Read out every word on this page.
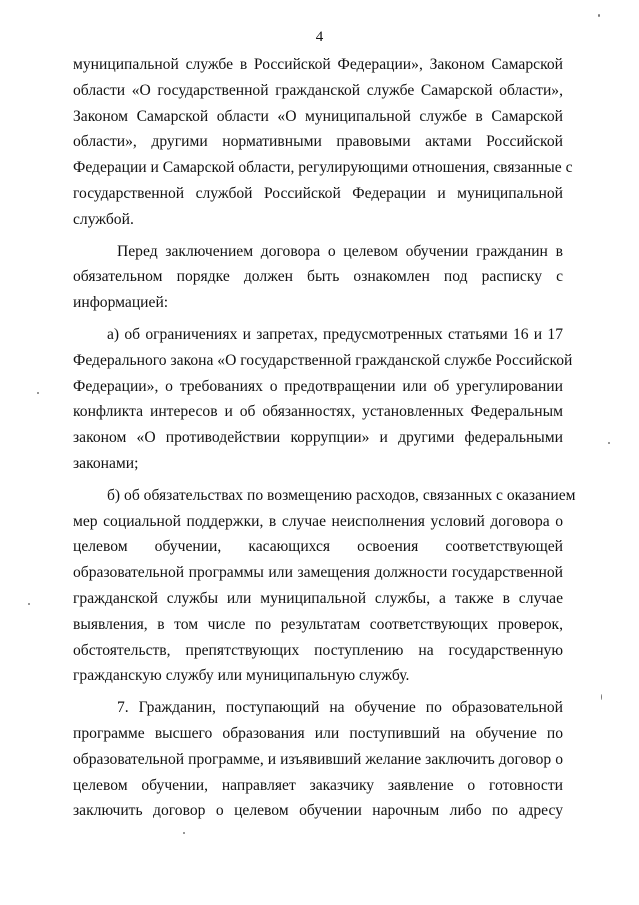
4
муниципальной службе в Российской Федерации», Законом Самарской
области «О государственной гражданской службе Самарской области»,
Законом Самарской области «О муниципальной службе в Самарской
области», другими нормативными правовыми актами Российской
Федерации и Самарской области, регулирующими отношения, связанные с
государственной службой Российской Федерации и муниципальной
службой.
Перед заключением договора о целевом обучении гражданин в
обязательном порядке должен быть ознакомлен под расписку с
информацией:
а) об ограничениях и запретах, предусмотренных статьями 16 и 17
Федерального закона «О государственной гражданской службе Российской
Федерации», о требованиях о предотвращении или об урегулировании
конфликта интересов и об обязанностях, установленных Федеральным
законом «О противодействии коррупции» и другими федеральными
законами;
б) об обязательствах по возмещению расходов, связанных с оказанием
мер социальной поддержки, в случае неисполнения условий договора о
целевом обучении, касающихся освоения соответствующей
образовательной программы или замещения должности государственной
гражданской службы или муниципальной службы, а также в случае
выявления, в том числе по результатам соответствующих проверок,
обстоятельств, препятствующих поступлению на государственную
гражданскую службу или муниципальную службу.
7. Гражданин, поступающий на обучение по образовательной
программе высшего образования или поступивший на обучение по
образовательной программе, и изъявивший желание заключить договор о
целевом обучении, направляет заказчику заявление о готовности
заключить договор о целевом обучении нарочным либо по адресу
